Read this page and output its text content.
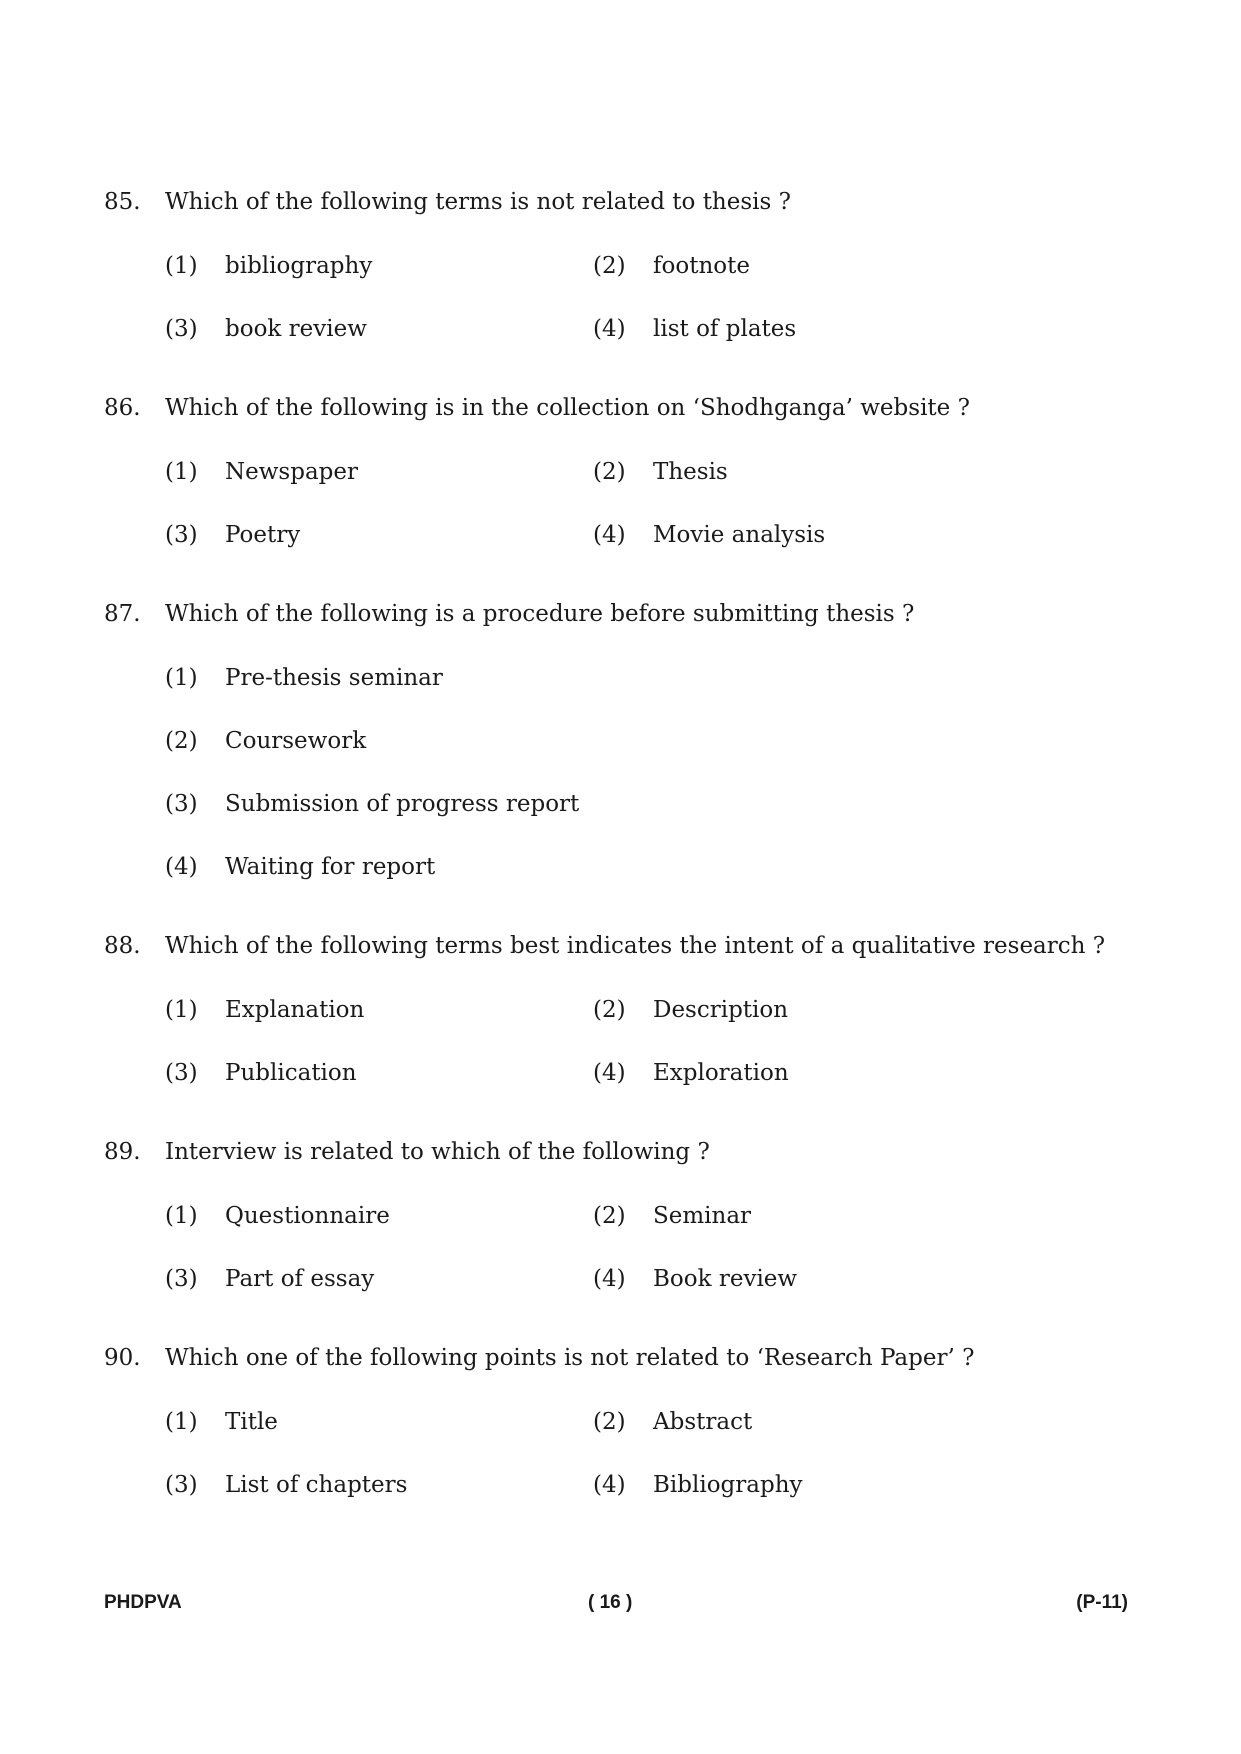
85.	Which of the following terms is not related to thesis ?
(1)	bibliography	(2)	footnote
(3)	book review	(4)	list of plates
86.	Which of the following is in the collection on ‘Shodhganga’ website ?
(1)	Newspaper	(2)	Thesis
(3)	Poetry	(4)	Movie analysis
87.	Which of the following is a procedure before submitting thesis ?
(1)	Pre-thesis seminar
(2)	Coursework
(3)	Submission of progress report
(4)	Waiting for report
88.	Which of the following terms best indicates the intent of a qualitative research ?
(1)	Explanation	(2)	Description
(3)	Publication	(4)	Exploration
89.	Interview is related to which of the following ?
(1)	Questionnaire	(2)	Seminar
(3)	Part of essay	(4)	Book review
90.	Which one of the following points is not related to ‘Research Paper’ ?
(1)	Title	(2)	Abstract
(3)	List of chapters	(4)	Bibliography
PHDPVA	( 16 )	(P-11)
